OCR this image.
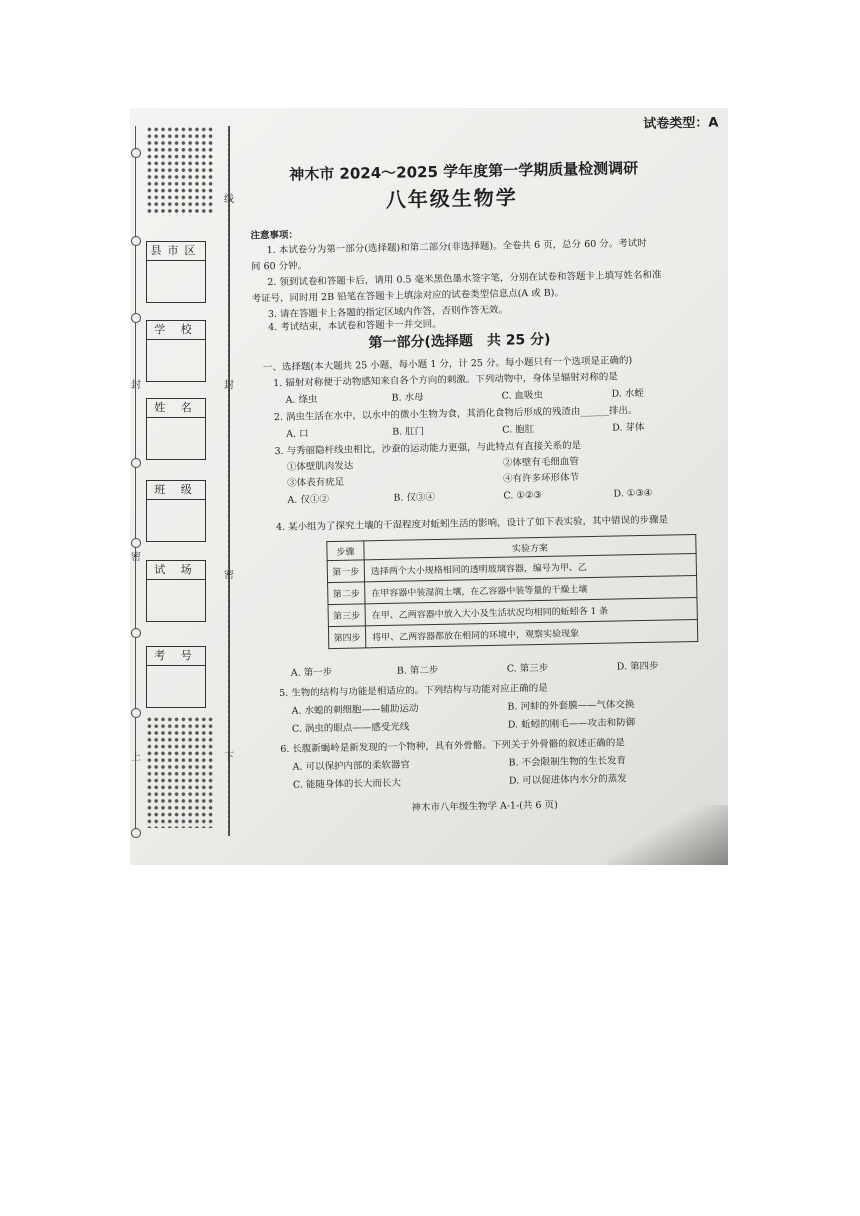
线
封
密
上	下
封
密
县市区
学 校
姓 名
班 级
试 场
考 号
试卷类型：A
神木市 2024～2025 学年度第一学期质量检测调研
八年级生物学
注意事项：
1. 本试卷分为第一部分(选择题)和第二部分(非选择题)。全卷共 6 页，总分 60 分。考试时
间 60 分钟。
2. 领到试卷和答题卡后，请用 0.5 毫米黑色墨水签字笔，分别在试卷和答题卡上填写姓名和准
考证号，同时用 2B 铅笔在答题卡上填涂对应的试卷类型信息点(A 或 B)。
3. 请在答题卡上各题的指定区域内作答，否则作答无效。
4. 考试结束，本试卷和答题卡一并交回。
第一部分(选择题　共 25 分)
一、选择题(本大题共 25 小题，每小题 1 分，计 25 分。每小题只有一个选项是正确的)
1. 辐射对称便于动物感知来自各个方向的刺激。下列动物中，身体呈辐射对称的是
A. 绦虫	B. 水母	C. 血吸虫	D. 水蛭
2. 涡虫生活在水中，以水中的微小生物为食，其消化食物后形成的残渣由______排出。
A. 口	B. 肛门	C. 胞肛	D. 芽体
3. 与秀丽隐杆线虫相比，沙蚕的运动能力更强，与此特点有直接关系的是
①体壁肌肉发达	②体壁有毛细血管
③体表有疣足	④有许多环形体节
A. 仅①②	B. 仅③④	C. ①②③	D. ①③④
4. 某小组为了探究土壤的干湿程度对蚯蚓生活的影响，设计了如下表实验，其中错误的步骤是
步骤	实验方案
第一步	选择两个大小规格相同的透明玻璃容器，编号为甲、乙
第二步	在甲容器中装湿润土壤，在乙容器中装等量的干燥土壤
第三步	在甲、乙两容器中放入大小及生活状况均相同的蚯蚓各 1 条
第四步	将甲、乙两容器都放在相同的环境中，观察实验现象
A. 第一步	B. 第二步	C. 第三步	D. 第四步
5. 生物的结构与功能是相适应的。下列结构与功能对应正确的是
A. 水螅的刺细胞——辅助运动	B. 河蚌的外套膜——气体交换
C. 涡虫的眼点——感受光线	D. 蚯蚓的刚毛——攻击和防御
6. 长腹新蝎岭是新发现的一个物种，具有外骨骼。下列关于外骨骼的叙述正确的是
A. 可以保护内部的柔软器官	B. 不会限制生物的生长发育
C. 能随身体的长大而长大	D. 可以促进体内水分的蒸发
神木市八年级生物学 A-1-(共 6 页)
